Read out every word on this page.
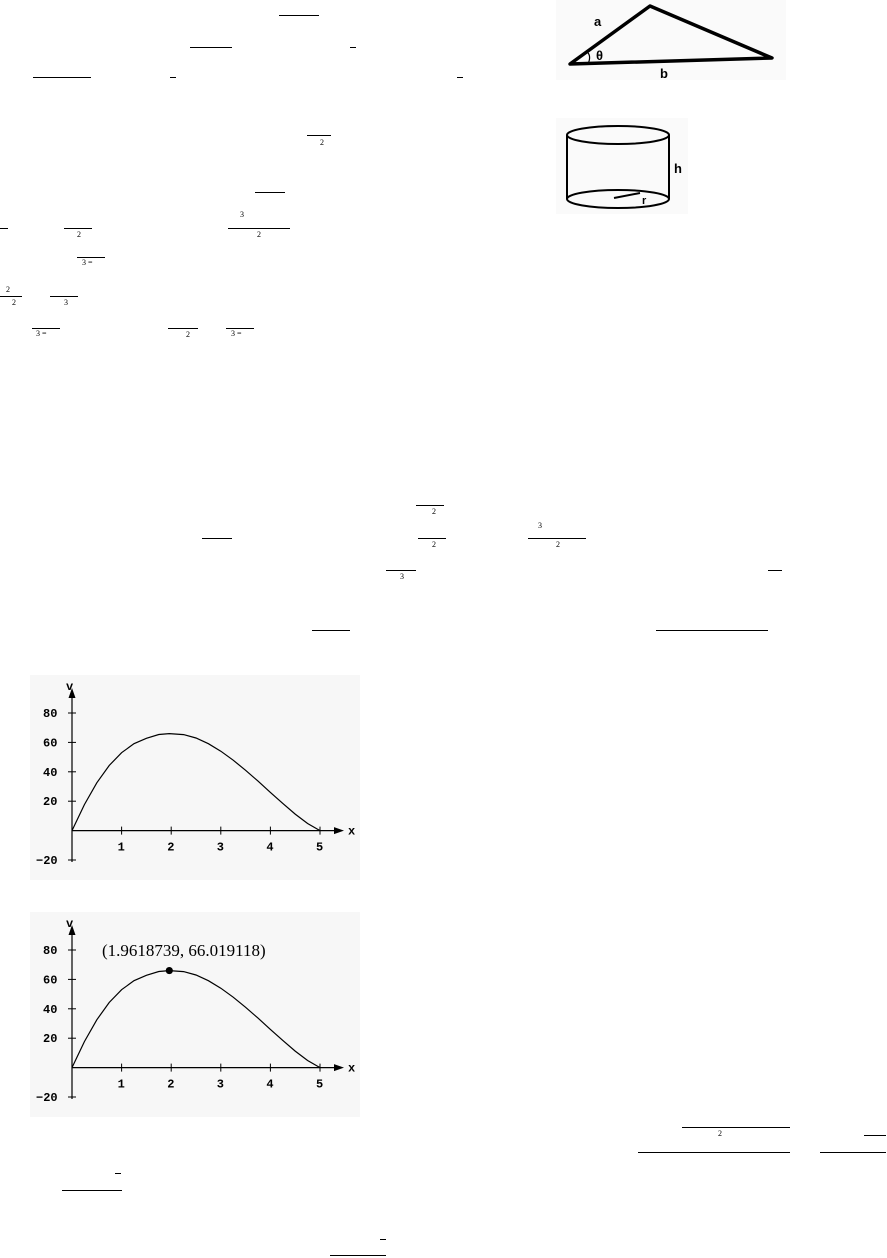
2
2
3
2
3 =
2
2	3
3 =	2	3 =
2
2
3
2
3
2
a
θ
b
h
r
1	2	3	4	5
80
60
40
20
−20
v
x
1	2	3	4	5
80
60
40
20
−20
(1.9618739, 66.019118)
v
x
